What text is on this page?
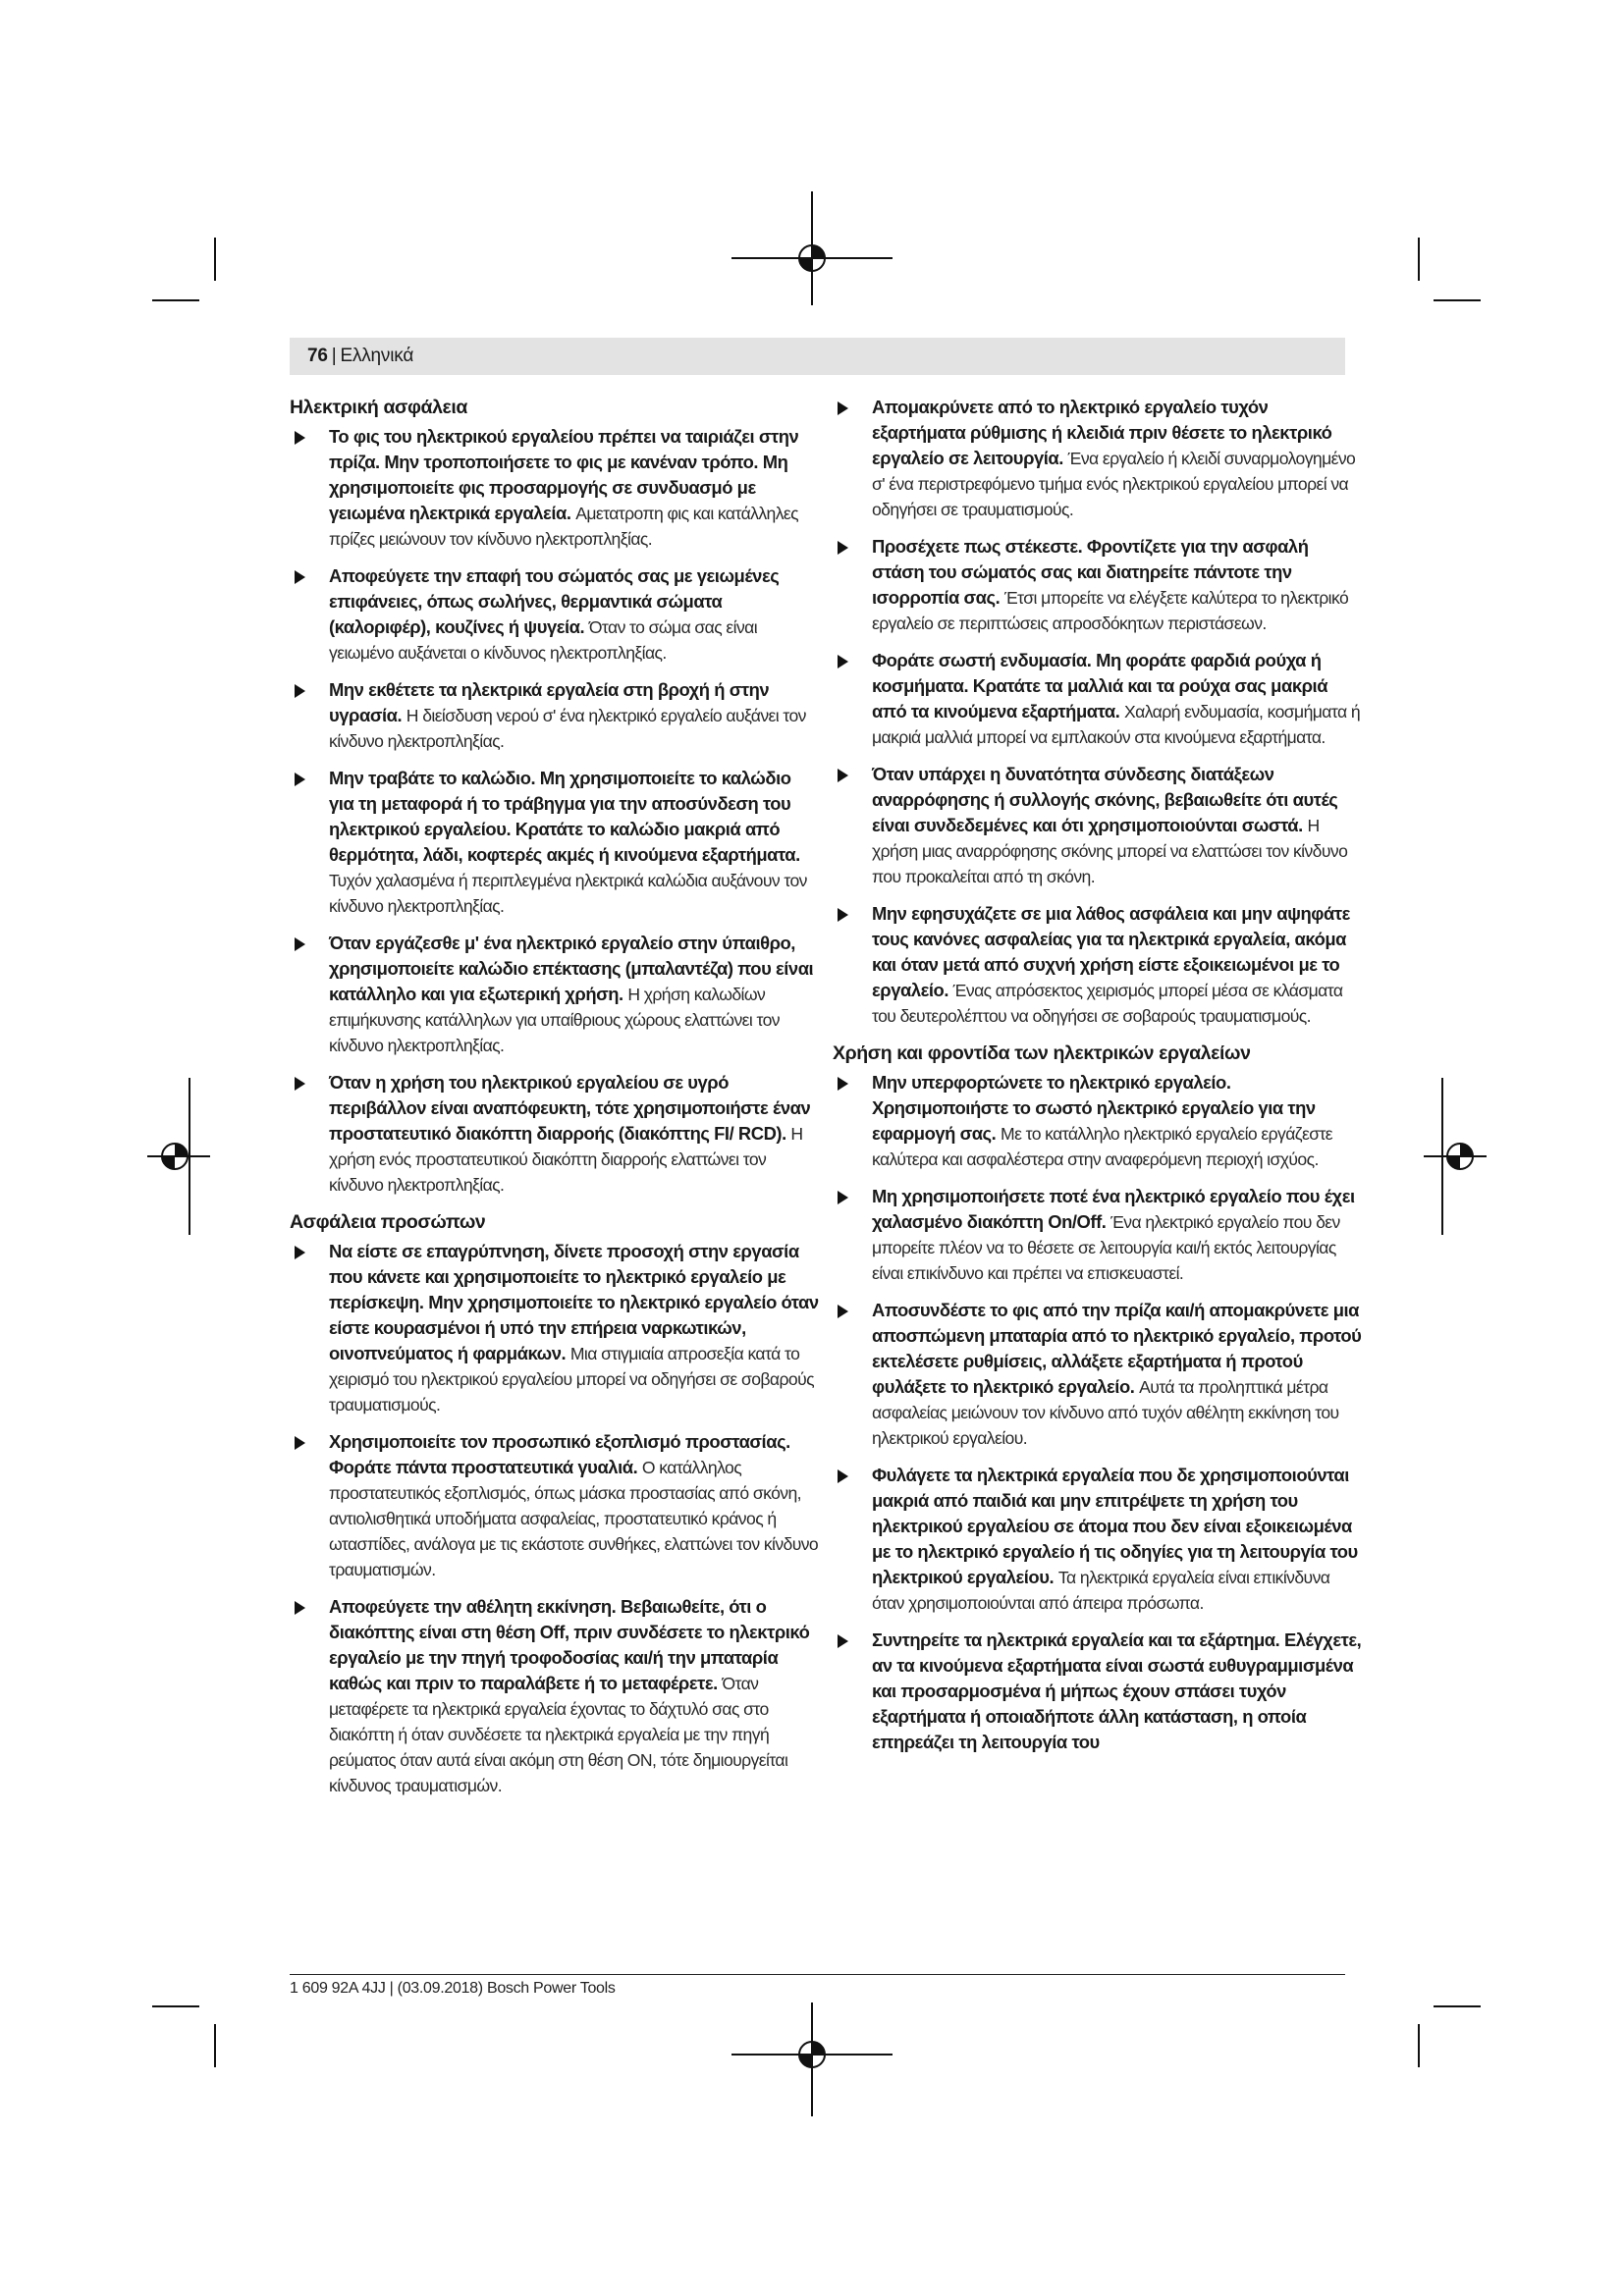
76 | Ελληνικά
Ηλεκτρική ασφάλεια

Το φις του ηλεκτρικού εργαλείου πρέπει να ταιριάζει στην πρίζα. Μην τροποποιήσετε το φις με κανέναν τρόπο. Μη χρησιμοποιείτε φις προσαρμογής σε συνδυασμό με γειωμένα ηλεκτρικά εργαλεία. Αμετατροπη φις και κατάλληλες πρίζες μειώνουν τον κίνδυνο ηλεκτροπληξίας.

Αποφεύγετε την επαφή του σώματός σας με γειωμένες επιφάνειες, όπως σωλήνες, θερμαντικά σώματα (καλοριφέρ), κουζίνες ή ψυγεία. Όταν το σώμα σας είναι γειωμένο αυξάνεται ο κίνδυνος ηλεκτροπληξίας.

Μην εκθέτετε τα ηλεκτρικά εργαλεία στη βροχή ή στην υγρασία. Η διείσδυση νερού σ' ένα ηλεκτρικό εργαλείο αυξάνει τον κίνδυνο ηλεκτροπληξίας.

Μην τραβάτε το καλώδιο. Μη χρησιμοποιείτε το καλώδιο για τη μεταφορά ή το τράβηγμα για την αποσύνδεση του ηλεκτρικού εργαλείου. Κρατάτε το καλώδιο μακριά από θερμότητα, λάδι, κοφτερές ακμές ή κινούμενα εξαρτήματα. Τυχόν χαλασμένα ή περιπλεγμένα ηλεκτρικά καλώδια αυξάνουν τον κίνδυνο ηλεκτροπληξίας.

Όταν εργάζεσθε μ' ένα ηλεκτρικό εργαλείο στην ύπαιθρο, χρησιμοποιείτε καλώδιο επέκτασης (μπαλαντέζα) που είναι κατάλληλο και για εξωτερική χρήση. Η χρήση καλωδίων επιμήκυνσης κατάλληλων για υπαίθριους χώρους ελαττώνει τον κίνδυνο ηλεκτροπληξίας.

Όταν η χρήση του ηλεκτρικού εργαλείου σε υγρό περιβάλλον είναι αναπόφευκτη, τότε χρησιμοποιήστε έναν προστατευτικό διακόπτη διαρροής (διακόπτης FI/ RCD). Η χρήση ενός προστατευτικού διακόπτη διαρροής ελαττώνει τον κίνδυνο ηλεκτροπληξίας.

Ασφάλεια προσώπων

Να είστε σε επαγρύπνηση, δίνετε προσοχή στην εργασία που κάνετε και χρησιμοποιείτε το ηλεκτρικό εργαλείο με περίσκεψη. Μην χρησιμοποιείτε το ηλεκτρικό εργαλείο όταν είστε κουρασμένοι ή υπό την επήρεια ναρκωτικών, οινοπνεύματος ή φαρμάκων. Μια στιγμιαία απροσεξία κατά το χειρισμό του ηλεκτρικού εργαλείου μπορεί να οδηγήσει σε σοβαρούς τραυματισμούς.

Χρησιμοποιείτε τον προσωπικό εξοπλισμό προστασίας. Φοράτε πάντα προστατευτικά γυαλιά. Ο κατάλληλος προστατευτικός εξοπλισμός, όπως μάσκα προστασίας από σκόνη, αντιολισθητικά υποδήματα ασφαλείας, προστατευτικό κράνος ή ωτασπίδες, ανάλογα με τις εκάστοτε συνθήκες, ελαττώνει τον κίνδυνο τραυματισμών.

Αποφεύγετε την αθέλητη εκκίνηση. Βεβαιωθείτε, ότι ο διακόπτης είναι στη θέση Off, πριν συνδέσετε το ηλεκτρικό εργαλείο με την πηγή τροφοδοσίας και/ή την μπαταρία καθώς και πριν το παραλάβετε ή το μεταφέρετε. Όταν μεταφέρετε τα ηλεκτρικά εργαλεία έχοντας το δάχτυλό σας στο διακόπτη ή όταν συνδέσετε τα ηλεκτρικά εργαλεία με την πηγή ρεύματος όταν αυτά είναι ακόμη στη θέση ON, τότε δημιουργείται κίνδυνος τραυματισμών.

Απομακρύνετε από το ηλεκτρικό εργαλείο τυχόν εξαρτήματα ρύθμισης ή κλειδιά πριν θέσετε το ηλεκτρικό εργαλείο σε λειτουργία. Ένα εργαλείο ή κλειδί συναρμολογημένο σ' ένα περιστρεφόμενο τμήμα ενός ηλεκτρικού εργαλείου μπορεί να οδηγήσει σε τραυματισμούς.

Προσέχετε πως στέκεστε. Φροντίζετε για την ασφαλή στάση του σώματός σας και διατηρείτε πάντοτε την ισορροπία σας. Έτσι μπορείτε να ελέγξετε καλύτερα το ηλεκτρικό εργαλείο σε περιπτώσεις απροσδόκητων περιστάσεων.

Φοράτε σωστή ενδυμασία. Μη φοράτε φαρδιά ρούχα ή κοσμήματα. Κρατάτε τα μαλλιά και τα ρούχα σας μακριά από τα κινούμενα εξαρτήματα. Χαλαρή ενδυμασία, κοσμήματα ή μακριά μαλλιά μπορεί να εμπλακούν στα κινούμενα εξαρτήματα.

Όταν υπάρχει η δυνατότητα σύνδεσης διατάξεων αναρρόφησης ή συλλογής σκόνης, βεβαιωθείτε ότι αυτές είναι συνδεδεμένες και ότι χρησιμοποιούνται σωστά. Η χρήση μιας αναρρόφησης σκόνης μπορεί να ελαττώσει τον κίνδυνο που προκαλείται από τη σκόνη.

Μην εφησυχάζετε σε μια λάθος ασφάλεια και μην αψηφάτε τους κανόνες ασφαλείας για τα ηλεκτρικά εργαλεία, ακόμα και όταν μετά από συχνή χρήση είστε εξοικειωμένοι με το εργαλείο. Ένας απρόσεκτος χειρισμός μπορεί μέσα σε κλάσματα του δευτερολέπτου να οδηγήσει σε σοβαρούς τραυματισμούς.

Χρήση και φροντίδα των ηλεκτρικών εργαλείων

Μην υπερφορτώνετε το ηλεκτρικό εργαλείο. Χρησιμοποιήστε το σωστό ηλεκτρικό εργαλείο για την εφαρμογή σας. Με το κατάλληλο ηλεκτρικό εργαλείο εργάζεστε καλύτερα και ασφαλέστερα στην αναφερόμενη περιοχή ισχύος.

Μη χρησιμοποιήσετε ποτέ ένα ηλεκτρικό εργαλείο που έχει χαλασμένο διακόπτη On/Off. Ένα ηλεκτρικό εργαλείο που δεν μπορείτε πλέον να το θέσετε σε λειτουργία και/ή εκτός λειτουργίας είναι επικίνδυνο και πρέπει να επισκευαστεί.

Αποσυνδέστε το φις από την πρίζα και/ή απομακρύνετε μια αποσπώμενη μπαταρία από το ηλεκτρικό εργαλείο, προτού εκτελέσετε ρυθμίσεις, αλλάξετε εξαρτήματα ή προτού φυλάξετε το ηλεκτρικό εργαλείο. Αυτά τα προληπτικά μέτρα ασφαλείας μειώνουν τον κίνδυνο από τυχόν αθέλητη εκκίνηση του ηλεκτρικού εργαλείου.

Φυλάγετε τα ηλεκτρικά εργαλεία που δε χρησιμοποιούνται μακριά από παιδιά και μην επιτρέψετε τη χρήση του ηλεκτρικού εργαλείου σε άτομα που δεν είναι εξοικειωμένα με το ηλεκτρικό εργαλείο ή τις οδηγίες για τη λειτουργία του ηλεκτρικού εργαλείου. Τα ηλεκτρικά εργαλεία είναι επικίνδυνα όταν χρησιμοποιούνται από άπειρα πρόσωπα.

Συντηρείτε τα ηλεκτρικά εργαλεία και τα εξάρτημα. Ελέγχετε, αν τα κινούμενα εξαρτήματα είναι σωστά ευθυγραμμισμένα και προσαρμοσμένα ή μήπως έχουν σπάσει τυχόν εξαρτήματα ή οποιαδήποτε άλλη κατάσταση, η οποία επηρεάζει τη λειτουργία του

1 609 92A 4JJ | (03.09.2018) Bosch Power Tools
